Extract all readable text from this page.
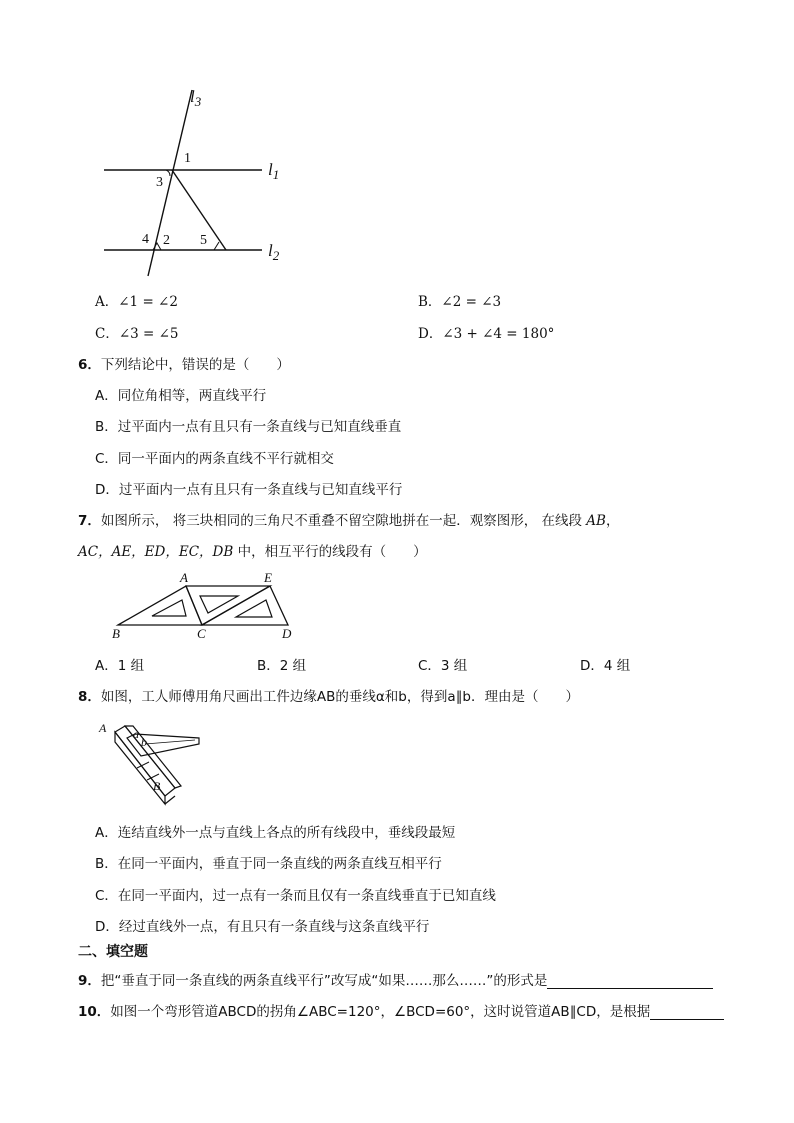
$l_3$
$l_1$
$l_2$
1
2
3
4	5
A．∠1 = ∠2	B．∠2 = ∠3
C．∠3 = ∠5	D．∠3 + ∠4 = 180°
6．下列结论中，错误的是（　　）
A．同位角相等，两直线平行
B．过平面内一点有且只有一条直线与已知直线垂直
C．同一平面内的两条直线不平行就相交
D．过平面内一点有且只有一条直线与已知直线平行
7．如图所示， 将三块相同的三角尺不重叠不留空隙地拼在一起．观察图形， 在线段 AB，
AC，AE，ED，EC，DB 中，相互平行的线段有（　　）
A	E
B	C	D
A．1 组	B．2 组	C．3 组	D．4 组
8．如图，工人师傅用角尺画出工件边缘AB的垂线α和b，得到a∥b．理由是（　　）
A a
b
B
A．连结直线外一点与直线上各点的所有线段中，垂线段最短
B．在同一平面内，垂直于同一条直线的两条直线互相平行
C．在同一平面内，过一点有一条而且仅有一条直线垂直于已知直线
D．经过直线外一点，有且只有一条直线与这条直线平行
二、填空题
9．把“垂直于同一条直线的两条直线平行”改写成“如果……那么……”的形式是
10．如图一个弯形管道ABCD的拐角∠ABC=120°，∠BCD=60°，这时说管道AB∥CD，是根据
